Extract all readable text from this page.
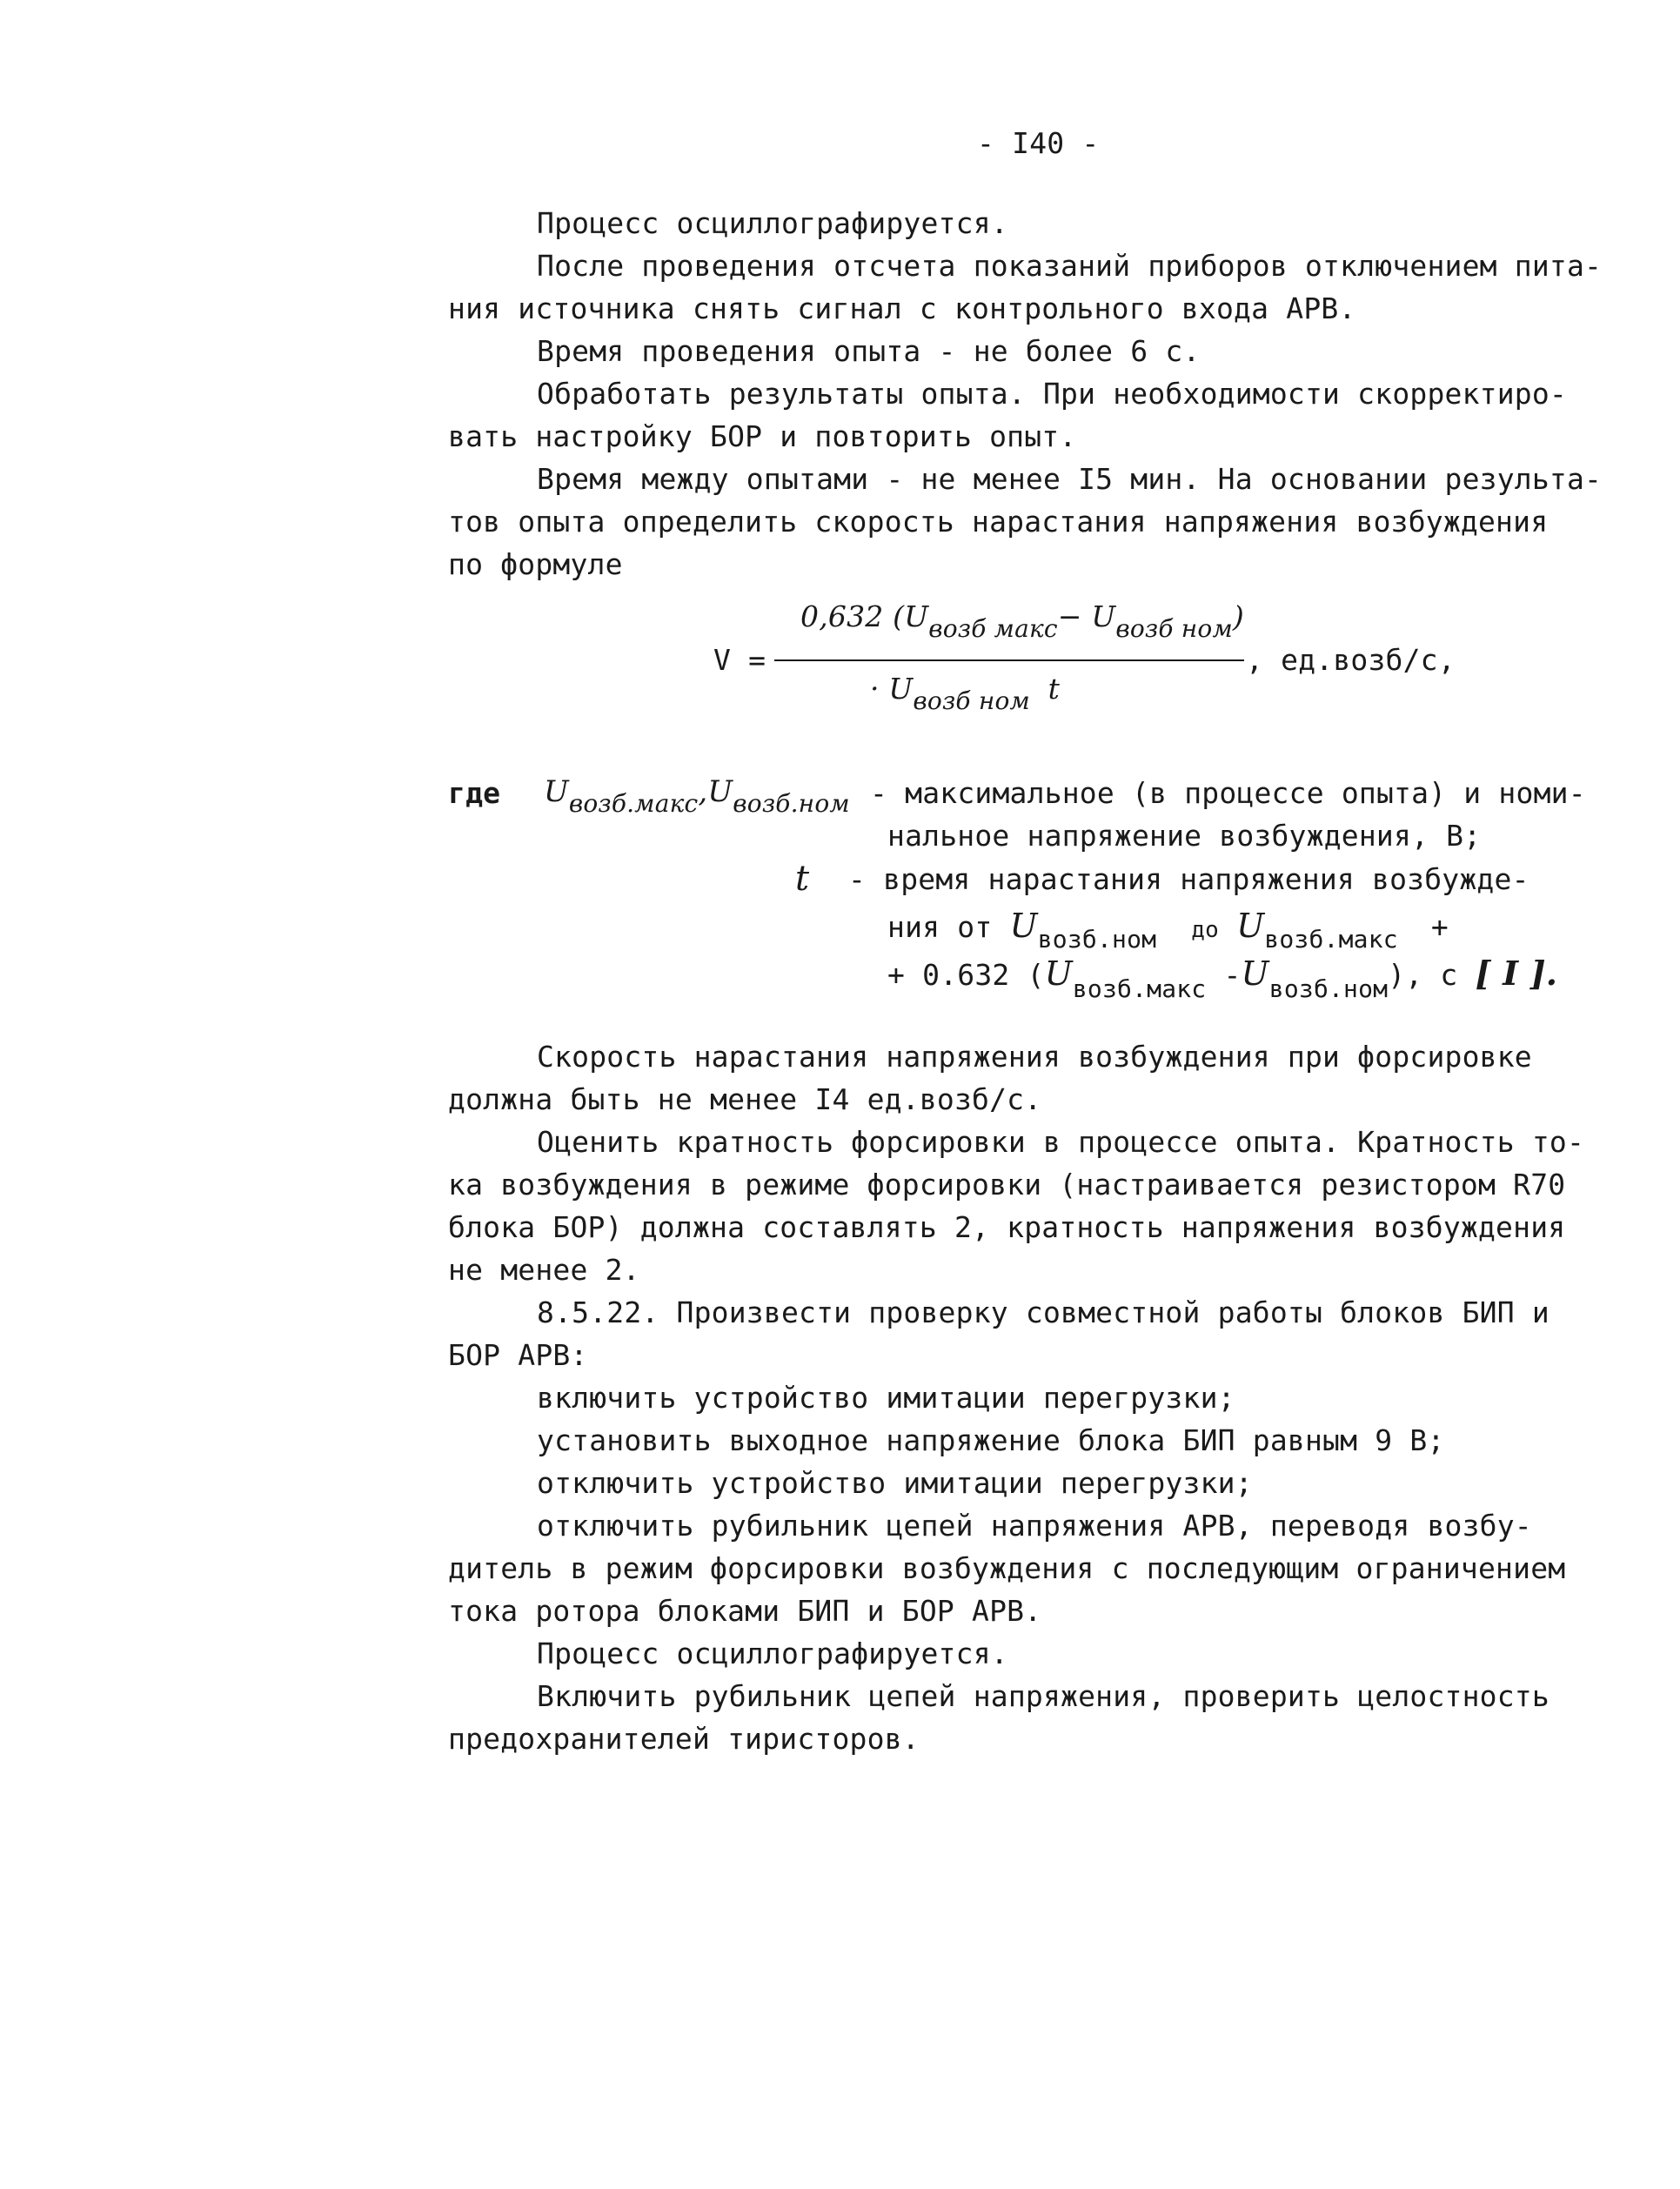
- I40 -
Процесс осциллографируется.
После проведения отсчета показаний приборов отключением пита-
ния источника снять сигнал с контрольного входа АРВ.
Время проведения опыта - не более 6 с.
Обработать результаты опыта. При необходимости скорректиро-
вать настройку БОР и повторить опыт.
Время между опытами - не менее I5 мин. На основании результа-
тов опыта определить скорость нарастания напряжения возбуждения
по формуле
V =
0,632 $(U_{возб макс}- U_{возб ном})$
· $U_{возб ном}$ t
, ед.возб/с,
где $U_{возб.макс},U_{возб.ном}$ - максимальное (в процессе опыта) и номи-
нальное напряжение возбуждения, В;
t - время нарастания напряжения возбужде-
ния от $U_{возб.ном}$ до $U_{возб.макс}$ +
+ 0.632 ($U_{возб.макс}$ $-U_{возб.ном}$), с [ I ].
Скорость нарастания напряжения возбуждения при форсировке
должна быть не менее I4 ед.возб/с.
Оценить кратность форсировки в процессе опыта. Кратность то-
ка возбуждения в режиме форсировки (настраивается резистором R70
блока БОР) должна составлять 2, кратность напряжения возбуждения
не менее 2.
8.5.22. Произвести проверку совместной работы блоков БИП и
БОР АРВ:
включить устройство имитации перегрузки;
установить выходное напряжение блока БИП равным 9 В;
отключить устройство имитации перегрузки;
отключить рубильник цепей напряжения АРВ, переводя возбу-
дитель в режим форсировки возбуждения с последующим ограничением
тока ротора блоками БИП и БОР АРВ.
Процесс осциллографируется.
Включить рубильник цепей напряжения, проверить целостность
предохранителей тиристоров.
